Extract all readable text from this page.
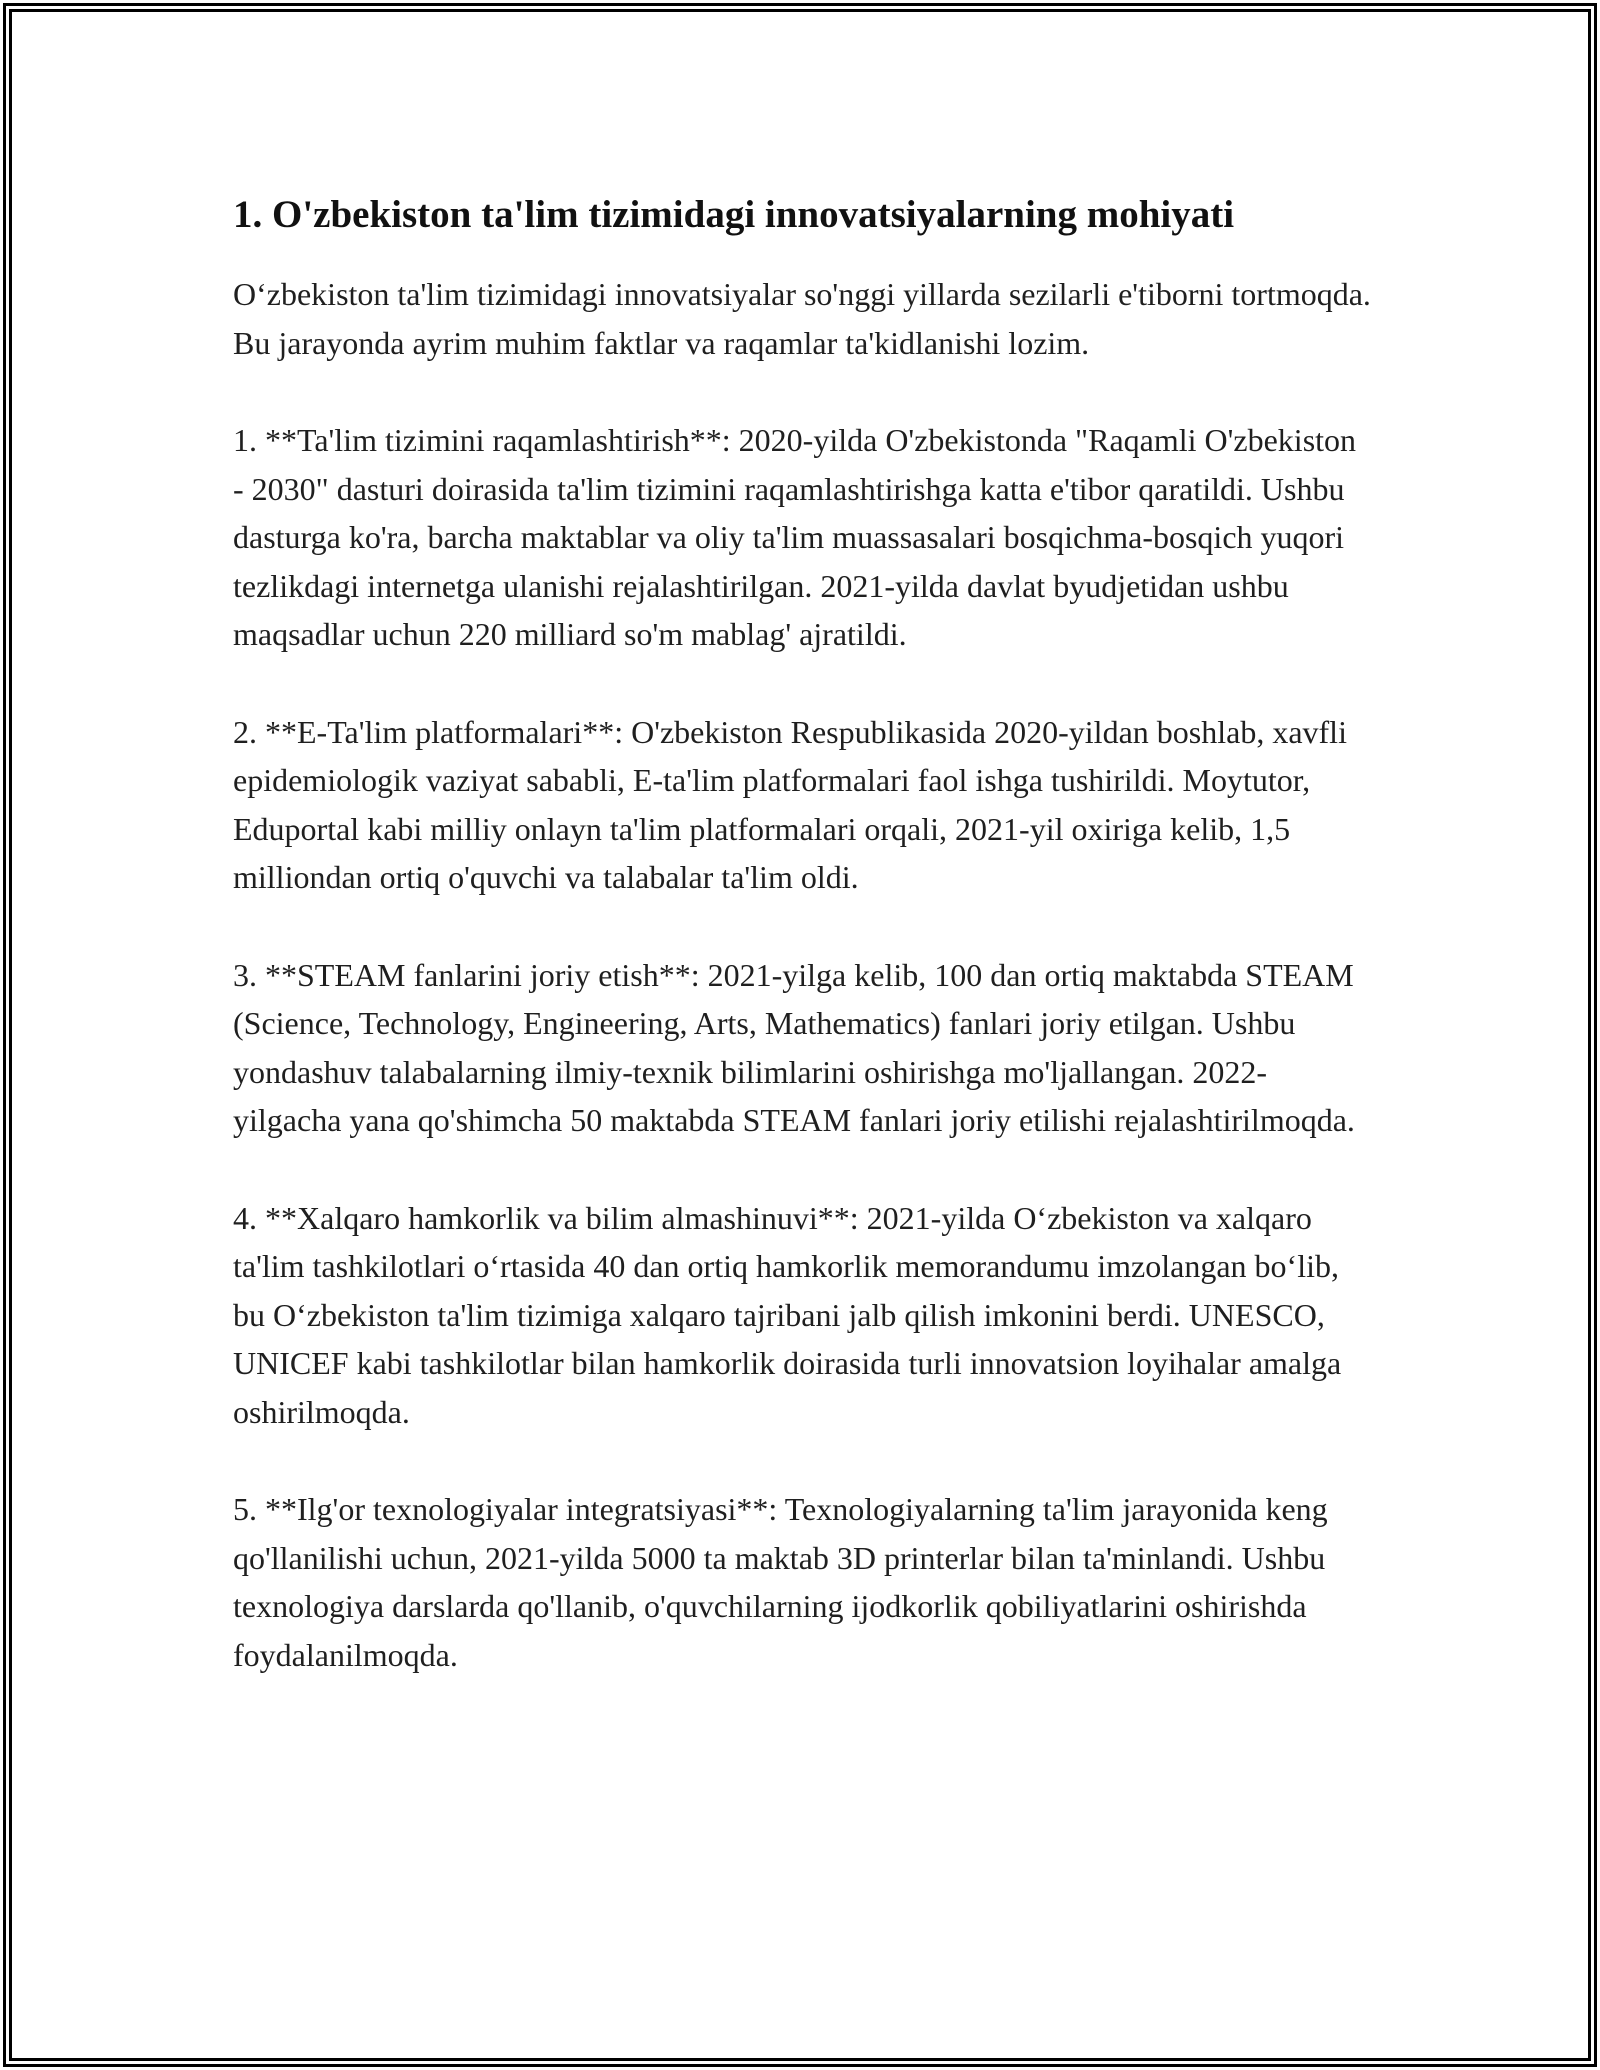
1. O'zbekiston ta'lim tizimidagi innovatsiyalarning mohiyati

O‘zbekiston ta'lim tizimidagi innovatsiyalar so'nggi yillarda sezilarli e'tiborni tortmoqda. Bu jarayonda ayrim muhim faktlar va raqamlar ta'kidlanishi lozim.

1. **Ta'lim tizimini raqamlashtirish**: 2020-yilda O'zbekistonda "Raqamli O'zbekiston - 2030" dasturi doirasida ta'lim tizimini raqamlashtirishga katta e'tibor qaratildi. Ushbu dasturga ko'ra, barcha maktablar va oliy ta'lim muassasalari bosqichma-bosqich yuqori tezlikdagi internetga ulanishi rejalashtirilgan. 2021-yilda davlat byudjetidan ushbu maqsadlar uchun 220 milliard so'm mablag' ajratildi.

2. **E-Ta'lim platformalari**: O'zbekiston Respublikasida 2020-yildan boshlab, xavfli epidemiologik vaziyat sababli, E-ta'lim platformalari faol ishga tushirildi. Moytutor, Eduportal kabi milliy onlayn ta'lim platformalari orqali, 2021-yil oxiriga kelib, 1,5 milliondan ortiq o'quvchi va talabalar ta'lim oldi.

3. **STEAM fanlarini joriy etish**: 2021-yilga kelib, 100 dan ortiq maktabda STEAM (Science, Technology, Engineering, Arts, Mathematics) fanlari joriy etilgan. Ushbu yondashuv talabalarning ilmiy-texnik bilimlarini oshirishga mo'ljallangan. 2022-yilgacha yana qo'shimcha 50 maktabda STEAM fanlari joriy etilishi rejalashtirilmoqda.

4. **Xalqaro hamkorlik va bilim almashinuvi**: 2021-yilda O‘zbekiston va xalqaro ta'lim tashkilotlari o‘rtasida 40 dan ortiq hamkorlik memorandumu imzolangan bo‘lib, bu O‘zbekiston ta'lim tizimiga xalqaro tajribani jalb qilish imkonini berdi. UNESCO, UNICEF kabi tashkilotlar bilan hamkorlik doirasida turli innovatsion loyihalar amalga oshirilmoqda.

5. **Ilg'or texnologiyalar integratsiyasi**: Texnologiyalarning ta'lim jarayonida keng qo'llanilishi uchun, 2021-yilda 5000 ta maktab 3D printerlar bilan ta'minlandi. Ushbu texnologiya darslarda qo'llanib, o'quvchilarning ijodkorlik qobiliyatlarini oshirishda foydalanilmoqda.
